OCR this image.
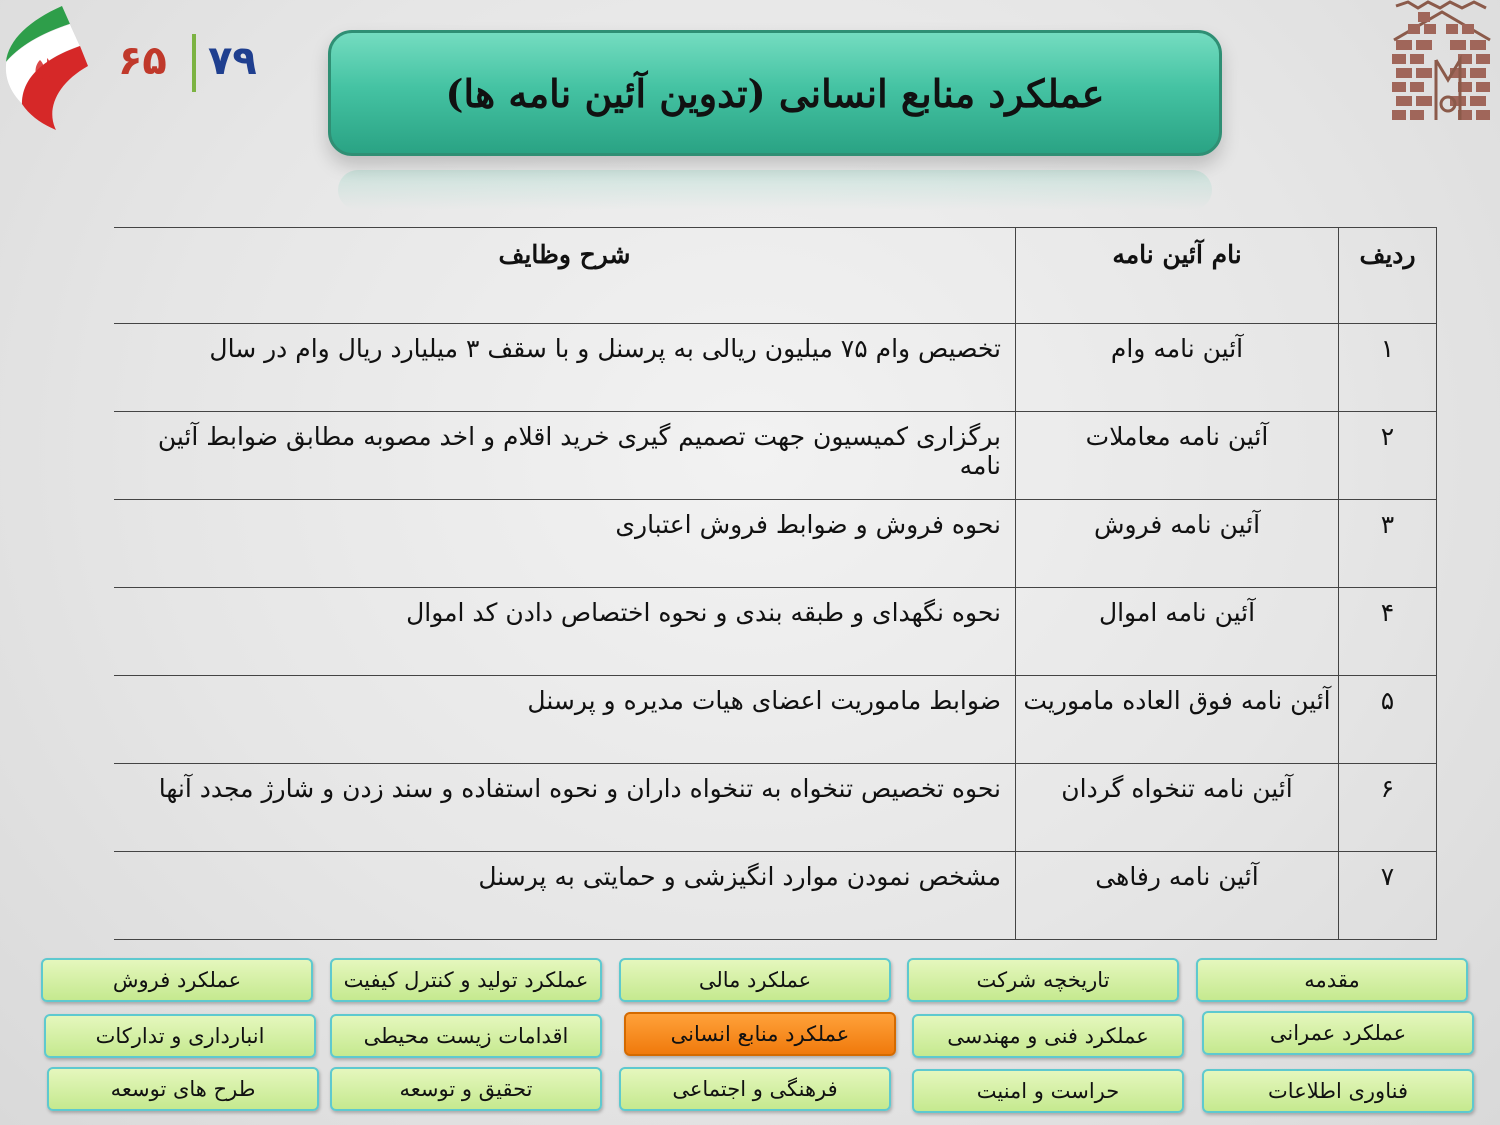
۶۵ ۷۹
عملکرد منابع انسانی (تدوین آئین نامه ها)
ردیف	نام آئین نامه	شرح وظایف
۱	آئین نامه وام	تخصیص وام ۷۵ میلیون ریالی به پرسنل و با سقف ۳ میلیارد ریال وام در سال
۲	آئین نامه معاملات	برگزاری کمیسیون جهت تصمیم گیری خرید اقلام و اخد مصوبه مطابق ضوابط آئین نامه
۳	آئین نامه فروش	نحوه فروش و ضوابط فروش اعتباری
۴	آئین نامه اموال	نحوه نگهدای و طبقه بندی و نحوه اختصاص دادن کد اموال
۵	آئین نامه فوق العاده ماموریت	ضوابط ماموریت اعضای هیات مدیره و پرسنل
۶	آئین نامه تنخواه گردان	نحوه تخصیص تنخواه به تنخواه داران و نحوه استفاده و سند زدن و شارژ مجدد آنها
۷	آئین نامه رفاهی	مشخص نمودن موارد انگیزشی و حمایتی به پرسنل
مقدمه
تاریخچه شرکت
عملکرد مالی
عملکرد تولید و کنترل کیفیت
عملکرد فروش
عملکرد عمرانی
عملکرد فنی و مهندسی
عملکرد منابع انسانی
اقدامات زیست محیطی
انبارداری و تدارکات
فناوری اطلاعات
حراست و امنیت
فرهنگی و اجتماعی
تحقیق و توسعه
طرح های توسعه
